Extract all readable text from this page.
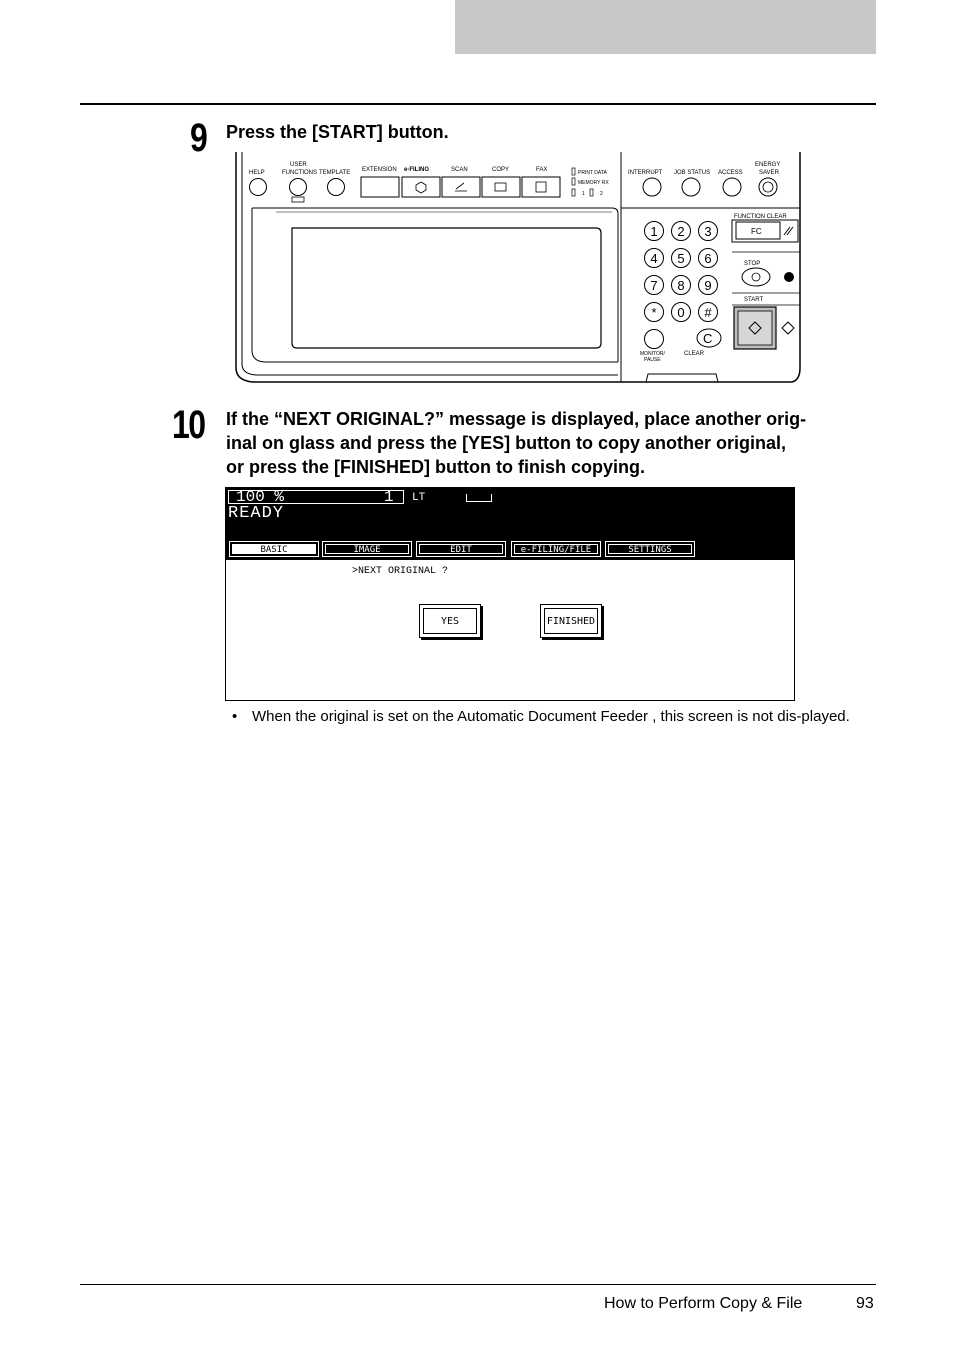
9 Press the [START] button.
HELP
USER
FUNCTIONS TEMPLATE EXTENSION e-FILING	SCAN	COPY	FAX	PRINT DATA
MEMORY RX
1	2
INTERRUPT JOB STATUS ACCESS
ENERGY
SAVER
1 2 3
4 5 6
7 8 9
* 0 #
C
MONITOR/
PAUSE
CLEAR
FUNCTION CLEAR
FC
STOP
START
10 If the “NEXT ORIGINAL?” message is displayed, place another orig-
inal on glass and press the [YES] button to copy another original,
or press the [FINISHED] button to finish copying.
100 %	1 LT
READY
BASIC	IMAGE	EDIT	e-FILING/FILE	SETTINGS
>NEXT ORIGINAL ?
YES	FINISHED
• When the original is set on the Automatic Document Feeder , this screen is not dis-played.
How to Perform Copy & File	93
